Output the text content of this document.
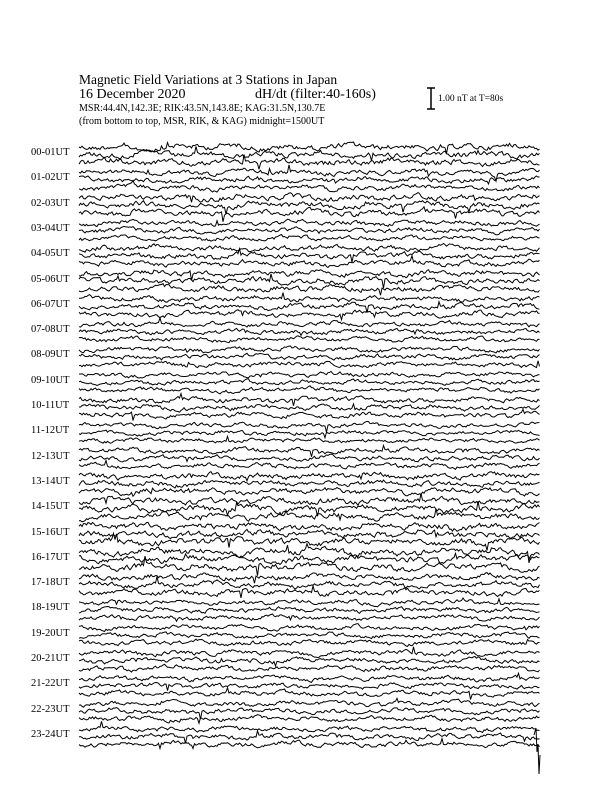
Magnetic Field Variations at 3 Stations in Japan
16 December 2020	dH/dt (filter:40-160s)
MSR:44.4N,142.3E; RIK:43.5N,143.8E; KAG:31.5N,130.7E
(from bottom to top, MSR, RIK, & KAG) midnight=1500UT
1.00 nT at T=80s
00-01UT
01-02UT
02-03UT
03-04UT
04-05UT
05-06UT
06-07UT
07-08UT
08-09UT
09-10UT
10-11UT
11-12UT
12-13UT
13-14UT
14-15UT
15-16UT
16-17UT
17-18UT
18-19UT
19-20UT
20-21UT
21-22UT
22-23UT
23-24UT
